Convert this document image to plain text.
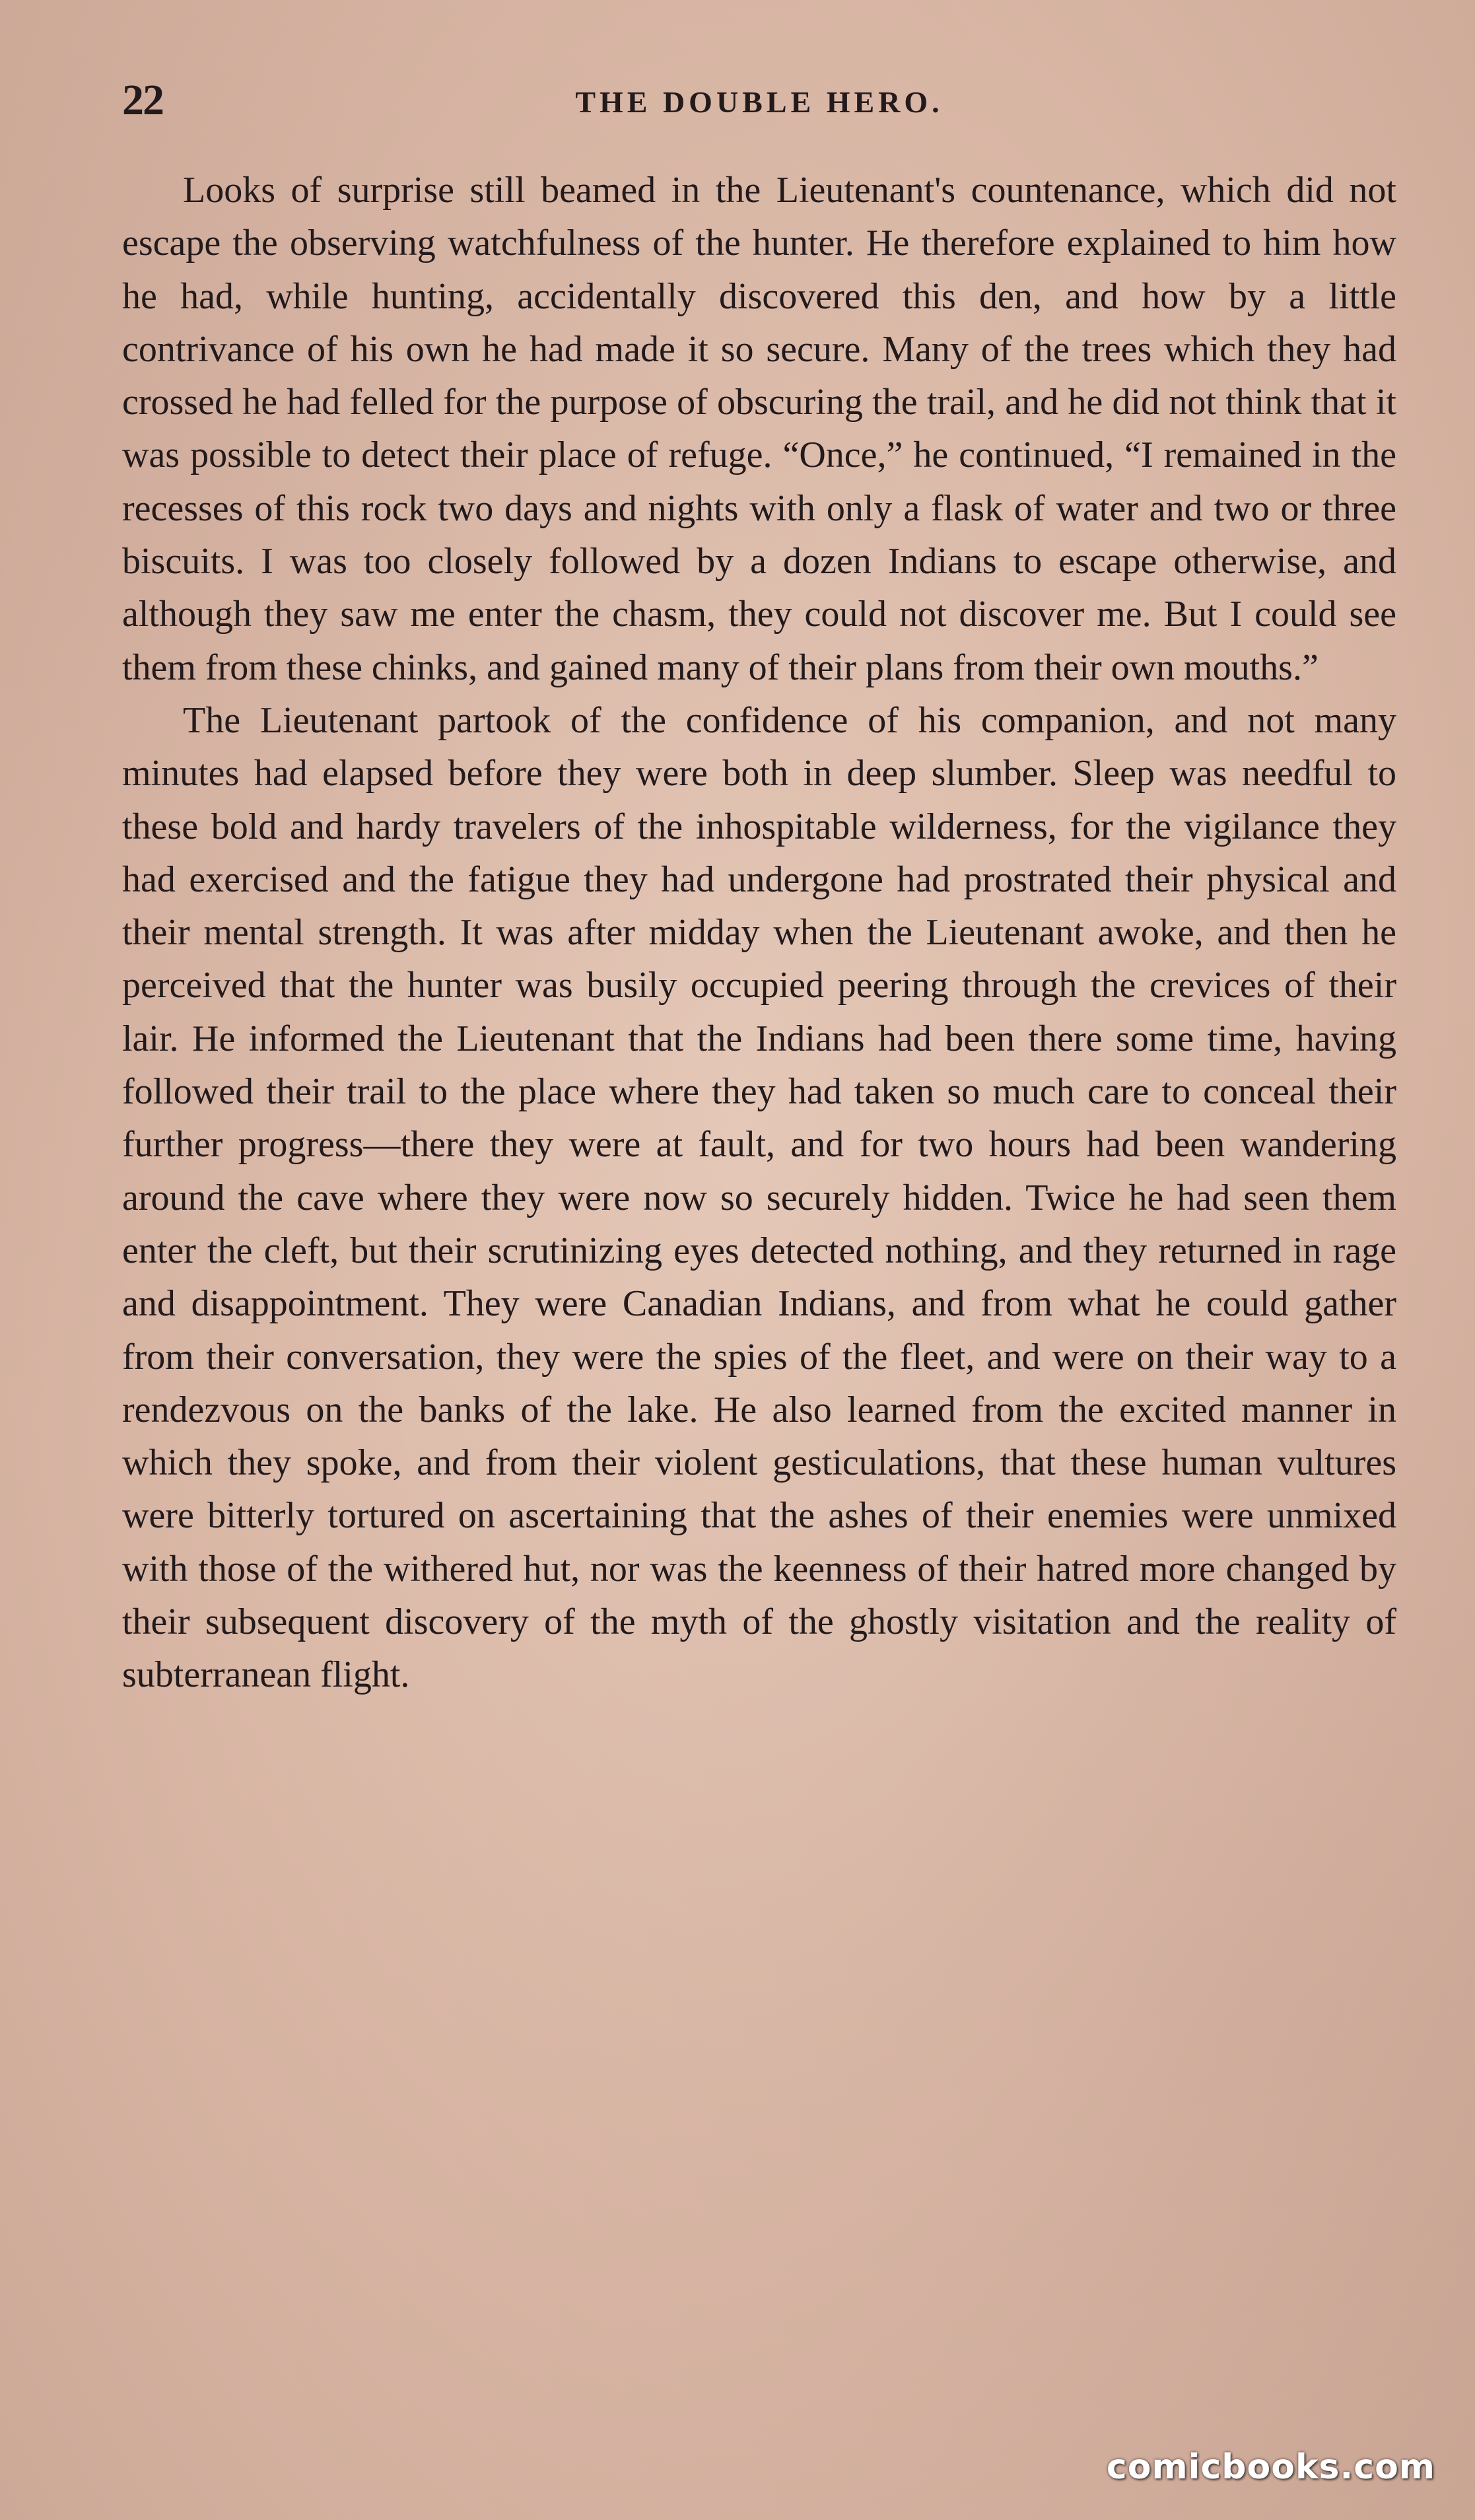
22	THE DOUBLE HERO.

Looks of surprise still beamed in the Lieutenant's countenance, which did not escape the observing watchfulness of the hunter. He therefore explained to him how he had, while hunting, accidentally discovered this den, and how by a little contrivance of his own he had made it so secure. Many of the trees which they had crossed he had felled for the purpose of obscuring the trail, and he did not think that it was possible to detect their place of refuge. “Once,” he continued, “I remained in the recesses of this rock two days and nights with only a flask of water and two or three biscuits. I was too closely followed by a dozen Indians to escape otherwise, and although they saw me enter the chasm, they could not discover me. But I could see them from these chinks, and gained many of their plans from their own mouths.”

The Lieutenant partook of the confidence of his companion, and not many minutes had elapsed before they were both in deep slumber. Sleep was needful to these bold and hardy travelers of the inhospitable wilderness, for the vigilance they had exercised and the fatigue they had undergone had prostrated their physical and their mental strength. It was after midday when the Lieutenant awoke, and then he perceived that the hunter was busily occupied peering through the crevices of their lair. He informed the Lieutenant that the Indians had been there some time, having followed their trail to the place where they had taken so much care to conceal their further progress—there they were at fault, and for two hours had been wandering around the cave where they were now so securely hidden. Twice he had seen them enter the cleft, but their scrutinizing eyes detected nothing, and they returned in rage and disappointment. They were Canadian Indians, and from what he could gather from their conversation, they were the spies of the fleet, and were on their way to a rendezvous on the banks of the lake. He also learned from the excited manner in which they spoke, and from their violent gesticulations, that these human vultures were bitterly tortured on ascertaining that the ashes of their enemies were unmixed with those of the withered hut, nor was the keenness of their hatred more changed by their subsequent discovery of the myth of the ghostly visitation and the reality of subterranean flight.

comicbooks.com
